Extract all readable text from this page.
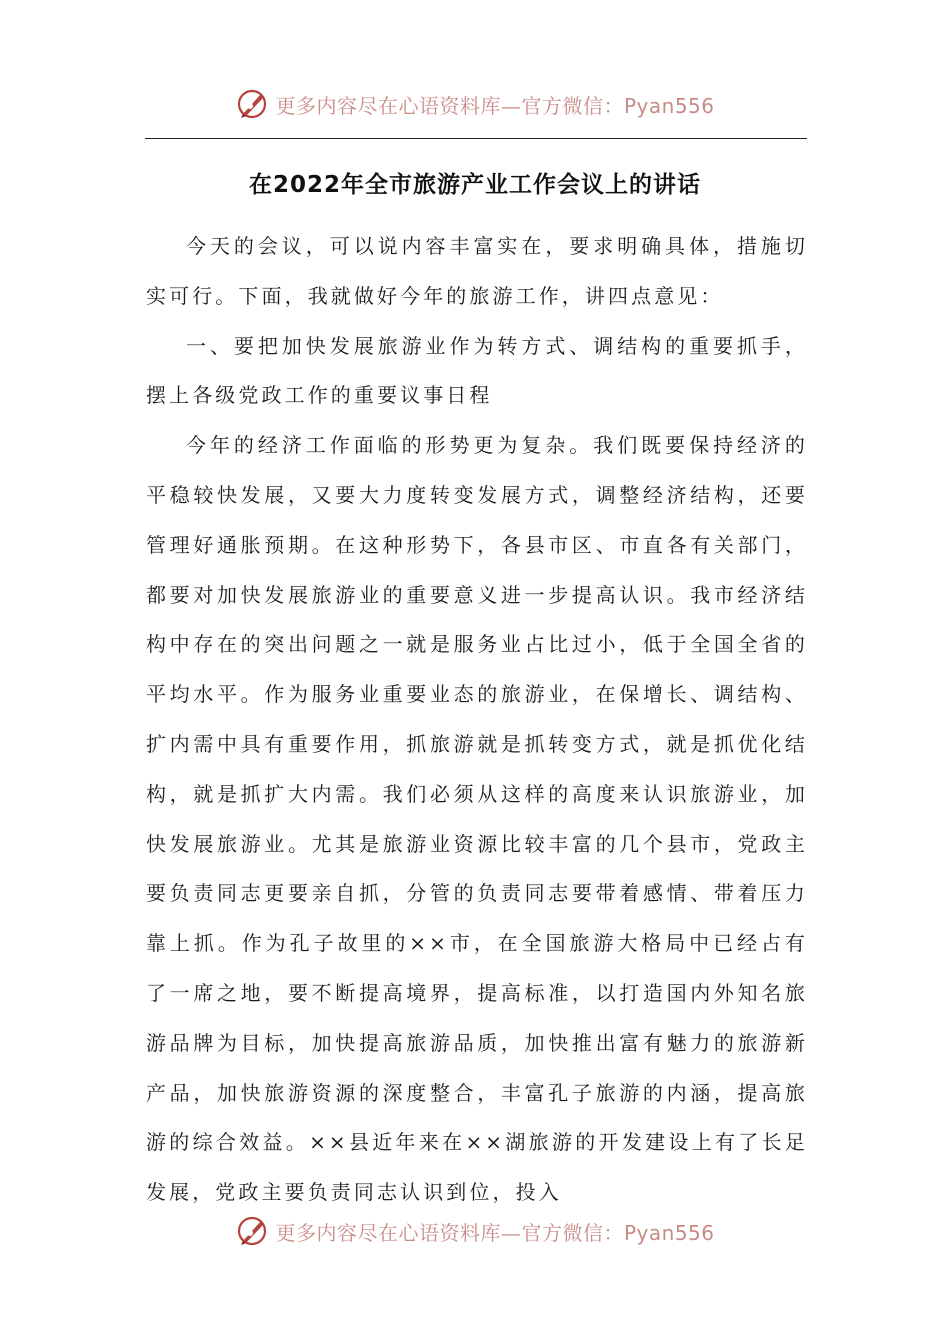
更多内容尽在心语资料库—官方微信：Pyan556
在2022年全市旅游产业工作会议上的讲话

今天的会议，可以说内容丰富实在，要求明确具体，措施切实可行。下面，我就做好今年的旅游工作，讲四点意见：

一、要把加快发展旅游业作为转方式、调结构的重要抓手，摆上各级党政工作的重要议事日程

今年的经济工作面临的形势更为复杂。我们既要保持经济的平稳较快发展，又要大力度转变发展方式，调整经济结构，还要管理好通胀预期。在这种形势下，各县市区、市直各有关部门，都要对加快发展旅游业的重要意义进一步提高认识。我市经济结构中存在的突出问题之一就是服务业占比过小，低于全国全省的平均水平。作为服务业重要业态的旅游业，在保增长、调结构、扩内需中具有重要作用，抓旅游就是抓转变方式，就是抓优化结构，就是抓扩大内需。我们必须从这样的高度来认识旅游业，加快发展旅游业。尤其是旅游业资源比较丰富的几个县市，党政主要负责同志更要亲自抓，分管的负责同志要带着感情、带着压力靠上抓。作为孔子故里的××市，在全国旅游大格局中已经占有了一席之地，要不断提高境界，提高标准，以打造国内外知名旅游品牌为目标，加快提高旅游品质，加快推出富有魅力的旅游新产品，加快旅游资源的深度整合，丰富孔子旅游的内涵，提高旅游的综合效益。××县近年来在××湖旅游的开发建设上有了长足发展，党政主要负责同志认识到位，投入

更多内容尽在心语资料库—官方微信：Pyan556
